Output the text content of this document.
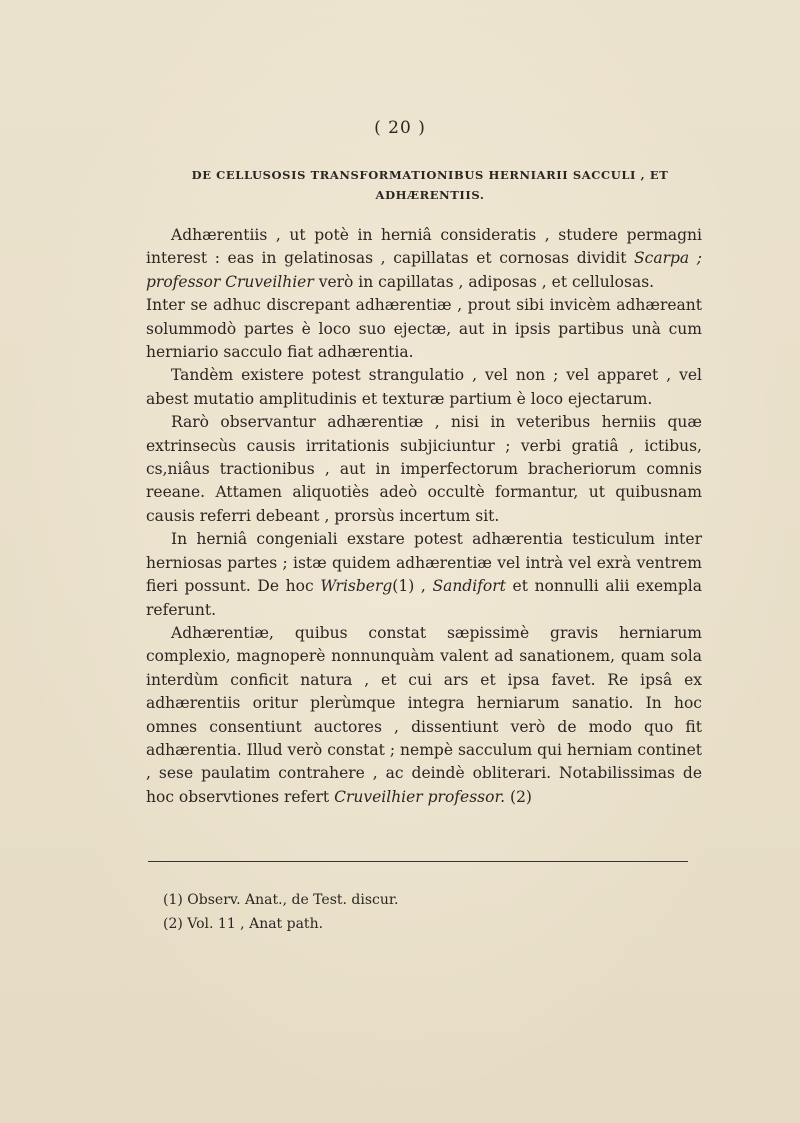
( 20 )
DE CELLUSOSIS TRANSFORMATIONIBUS HERNIARII SACCULI , ET
ADHÆRENTIIS.

Adhærentiis , ut potè in herniâ consideratis , studere permagni interest : eas in gelatinosas , capillatas et cornosas dividit Scarpa ; professor Cruveilhier verò in capillatas , adiposas , et cellulosas.

Inter se adhuc discrepant adhærentiæ , prout sibi invicèm adhæreant solummodò partes è loco suo ejectæ, aut in ipsis partibus unà cum herniario sacculo fiat adhærentia.

Tandèm existere potest strangulatio , vel non ; vel apparet , vel abest mutatio amplitudinis et texturæ partium è loco ejectarum.

Rarò observantur adhærentiæ , nisi in veteribus herniis quæ extrinsecùs causis irritationis subjiciuntur ; verbi gratiâ , ictibus, cs,niâus tractionibus , aut in imperfectorum bracheriorum comnis reeane. Attamen aliquotiès adeò occultè formantur, ut quibusnam causis referri debeant , prorsùs incertum sit.

In herniâ congeniali exstare potest adhærentia testiculum inter herniosas partes ; istæ quidem adhærentiæ vel intrà vel exrà ventrem fieri possunt. De hoc Wrisberg(1) , Sandifort et nonnulli alii exempla referunt.

Adhærentiæ, quibus constat sæpissimè gravis herniarum complexio, magnoperè nonnunquàm valent ad sanationem, quam sola interdùm conficit natura , et cui ars et ipsa favet. Re ipsâ ex adhærentiis oritur plerùmque integra herniarum sanatio. In hoc omnes consentiunt auctores , dissentiunt verò de modo quo fit adhærentia. Illud verò constat ; nempè sacculum qui herniam continet , sese paulatim contrahere , ac deindè obliterari. Notabilissimas de hoc observtiones refert Cruveilhier professor. (2)

(1) Observ. Anat., de Test. discur.
(2) Vol. 11 , Anat path.
